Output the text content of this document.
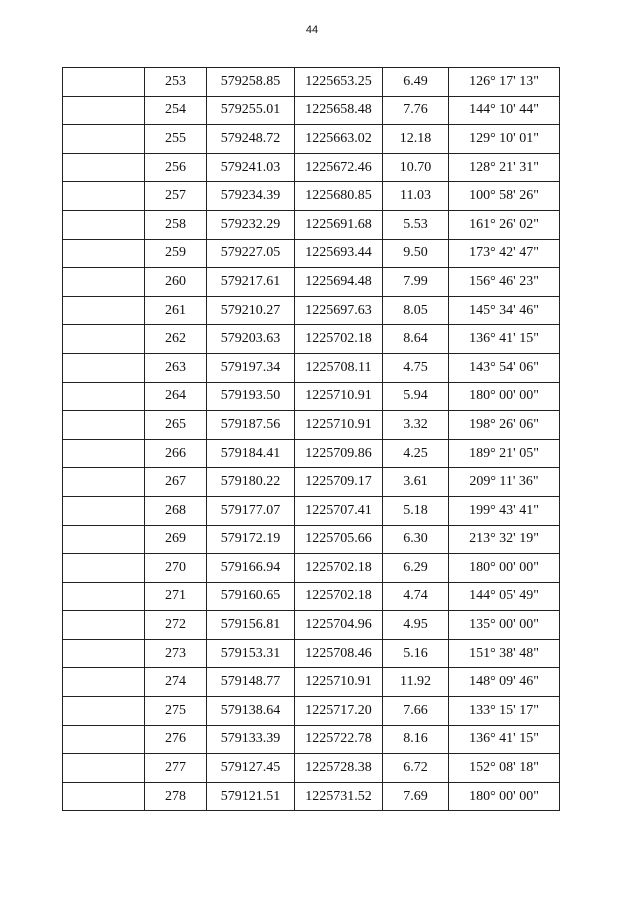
44
	253	579258.85	1225653.25	6.49	126° 17' 13"
	254	579255.01	1225658.48	7.76	144° 10' 44"
	255	579248.72	1225663.02	12.18	129° 10' 01"
	256	579241.03	1225672.46	10.70	128° 21' 31"
	257	579234.39	1225680.85	11.03	100° 58' 26"
	258	579232.29	1225691.68	5.53	161° 26' 02"
	259	579227.05	1225693.44	9.50	173° 42' 47"
	260	579217.61	1225694.48	7.99	156° 46' 23"
	261	579210.27	1225697.63	8.05	145° 34' 46"
	262	579203.63	1225702.18	8.64	136° 41' 15"
	263	579197.34	1225708.11	4.75	143° 54' 06"
	264	579193.50	1225710.91	5.94	180° 00' 00"
	265	579187.56	1225710.91	3.32	198° 26' 06"
	266	579184.41	1225709.86	4.25	189° 21' 05"
	267	579180.22	1225709.17	3.61	209° 11' 36"
	268	579177.07	1225707.41	5.18	199° 43' 41"
	269	579172.19	1225705.66	6.30	213° 32' 19"
	270	579166.94	1225702.18	6.29	180° 00' 00"
	271	579160.65	1225702.18	4.74	144° 05' 49"
	272	579156.81	1225704.96	4.95	135° 00' 00"
	273	579153.31	1225708.46	5.16	151° 38' 48"
	274	579148.77	1225710.91	11.92	148° 09' 46"
	275	579138.64	1225717.20	7.66	133° 15' 17"
	276	579133.39	1225722.78	8.16	136° 41' 15"
	277	579127.45	1225728.38	6.72	152° 08' 18"
	278	579121.51	1225731.52	7.69	180° 00' 00"
